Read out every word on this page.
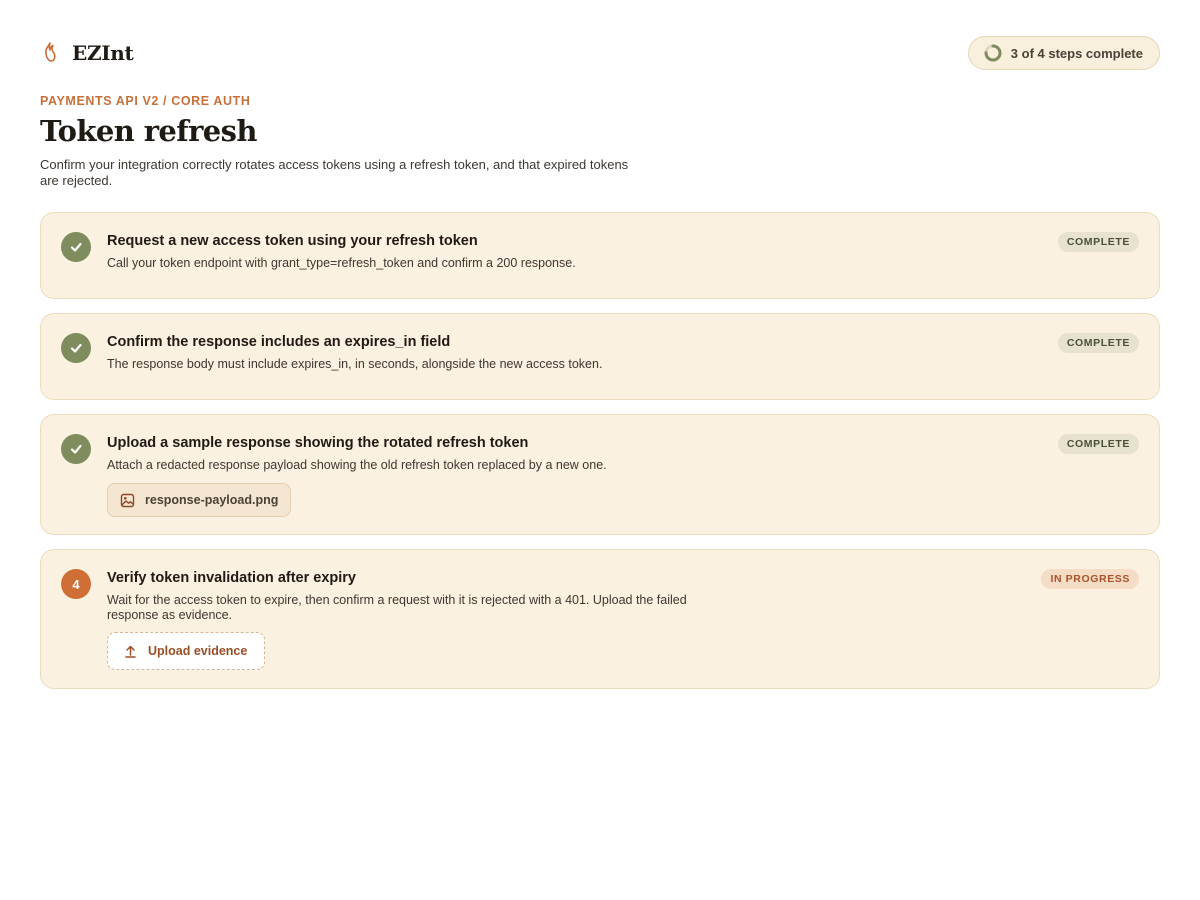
EZInt	3 of 4 steps complete
PAYMENTS API V2 / CORE AUTH
Token refresh

Confirm your integration correctly rotates access tokens using a refresh token, and that expired tokens are rejected.

Request a new access token using your refresh token
Call your token endpoint with grant_type=refresh_token and confirm a 200 response.
COMPLETE
Confirm the response includes an expires_in field
The response body must include expires_in, in seconds, alongside the new access token.
COMPLETE
Upload a sample response showing the rotated refresh token
Attach a redacted response payload showing the old refresh token replaced by a new one.
COMPLETE
response-payload.png
4	Verify token invalidation after expiry
Wait for the access token to expire, then confirm a request with it is rejected with a 401. Upload the failed response as evidence.
IN PROGRESS
Upload evidence
